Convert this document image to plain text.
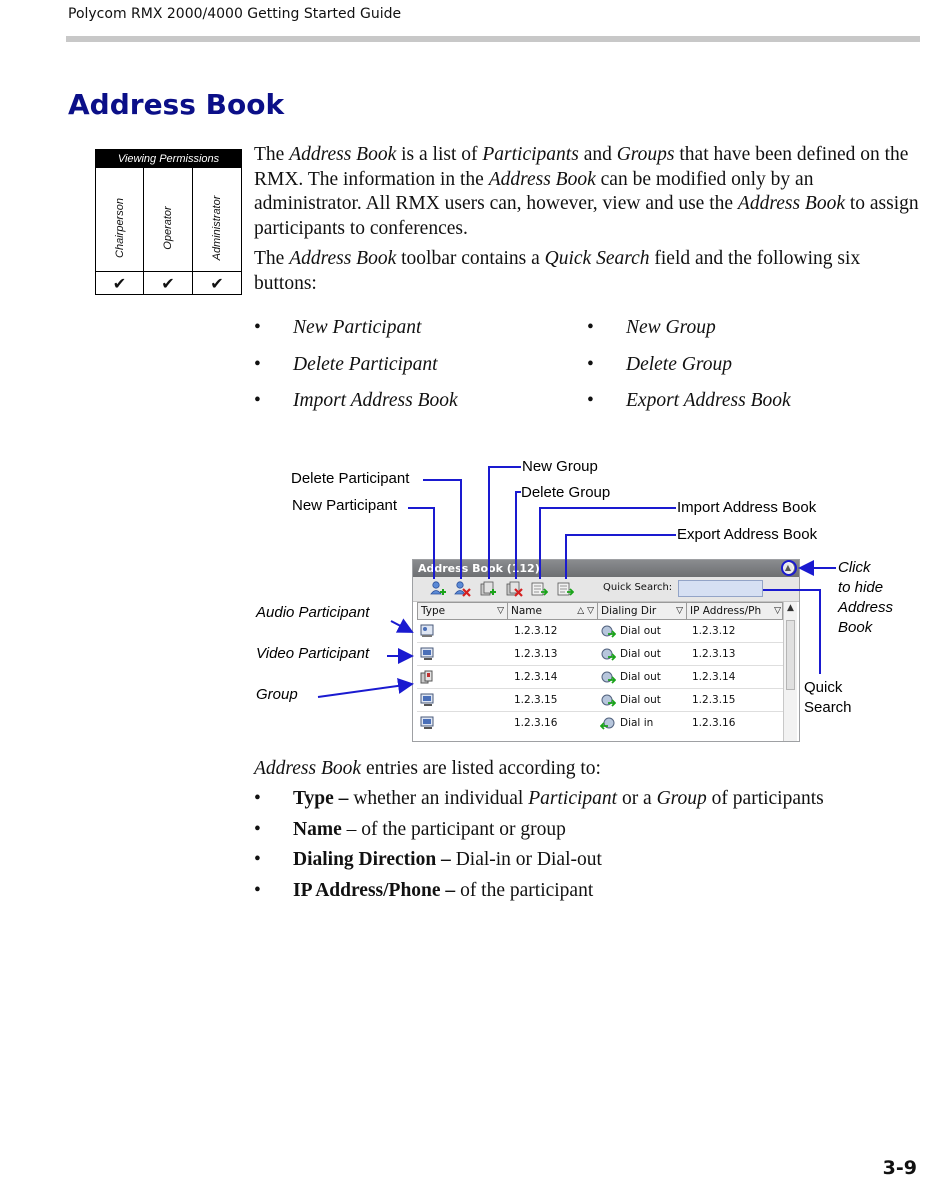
Polycom RMX 2000/4000 Getting Started Guide
Address Book
Viewing Permissions
Chairperson
✔
Operator
✔
Administrator
✔
The Address Book is a list of Participants and Groups that have been defined on the RMX. The information in the Address Book can be modified only by an administrator. All RMX users can, however, view and use the Address Book to assign participants to conferences.
The Address Book toolbar contains a Quick Search field and the following six buttons:
• New Participant
• Delete Participant
• Import Address Book
• New Group
• Delete Group
• Export Address Book
Delete Participant
New Participant
New Group
Delete Group
Import Address Book
Export Address Book
Click
to hide
Address
Book
Audio Participant
Video Participant
Group	Quick
Search
Address Book (112)	▲
Quick Search:
Type	▽ Name	△ ▽ Dialing Dir ▽ IP Address/Ph ▽
1.2.3.12	Dial out	1.2.3.12
1.2.3.13	Dial out	1.2.3.13
1.2.3.14	Dial out	1.2.3.14
1.2.3.15	Dial out	1.2.3.15
1.2.3.16	Dial in	1.2.3.16
▲
Address Book entries are listed according to:
• Type – whether an individual Participant or a Group of participants
• Name – of the participant or group
• Dialing Direction – Dial-in or Dial-out
• IP Address/Phone – of the participant
3-9
